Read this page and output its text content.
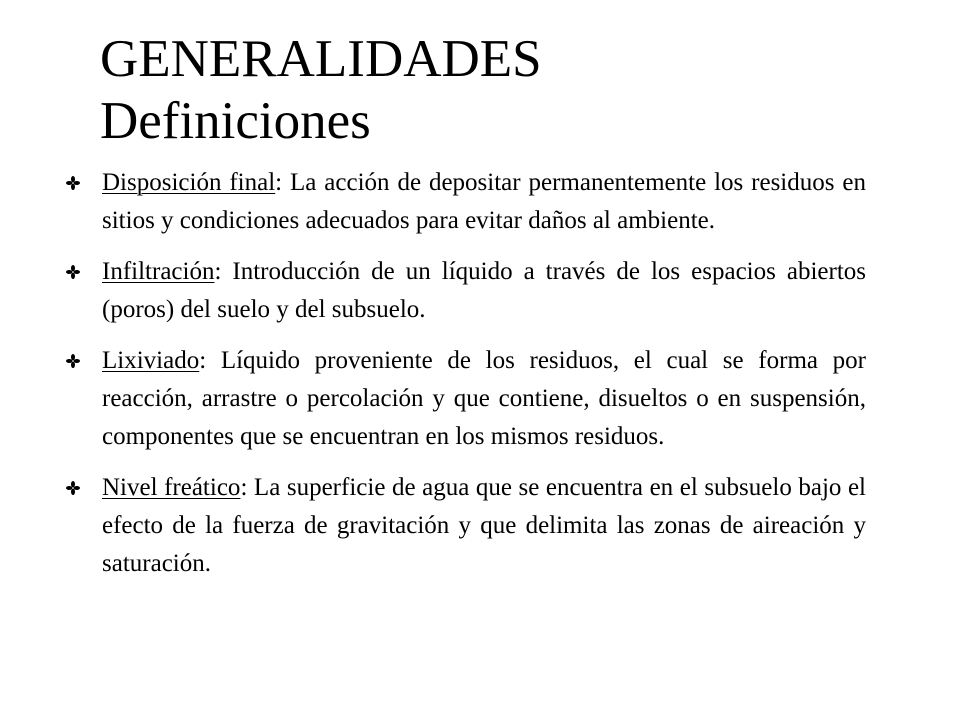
GENERALIDADES
Definiciones
Disposición final: La acción de depositar permanentemente los residuos en sitios y condiciones adecuados para evitar daños al ambiente.
Infiltración: Introducción de un líquido a través de los espacios abiertos (poros) del suelo y del subsuelo.
Lixiviado: Líquido proveniente de los residuos, el cual se forma por reacción, arrastre o percolación y que contiene, disueltos o en suspensión, componentes que se encuentran en los mismos residuos.
Nivel freático: La superficie de agua que se encuentra en el subsuelo bajo el efecto de la fuerza de gravitación y que delimita las zonas de aireación y saturación.
